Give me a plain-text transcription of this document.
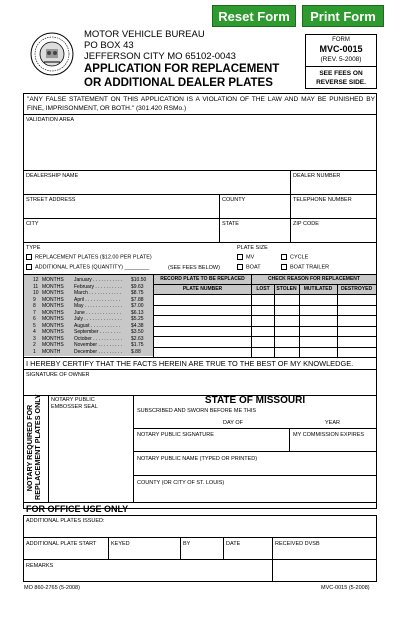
Reset Form	Print Form
MOTOR VEHICLE BUREAU
PO BOX 43
JEFFERSON CITY MO 65102-0043
APPLICATION FOR REPLACEMENT
OR ADDITIONAL DEALER PLATES
FORM
MVC-0015
(REV. 5-2008)
SEE FEES ON
REVERSE SIDE.
"ANY FALSE STATEMENT ON THIS APPLICATION IS A VIOLATION OF THE LAW AND MAY BE PUNISHED BY FINE, IMPRISONMENT, OR BOTH." (301.420 RSMo.)
VALIDATION AREA
DEALERSHIP NAME	DEALER NUMBER
STREET ADDRESS	COUNTY	TELEPHONE NUMBER
CITY	STATE	ZIP CODE
TYPE
REPLACEMENT PLATES ($12.00 PER PLATE)
ADDITIONAL PLATES (QUANTITY) ________	(SEE FEES BELOW)
PLATE SIZE
MV	CYCLE
BOAT	BOAT TRAILER
12 MONTHS January . . . . . . . . . . . $10.50
11 MONTHS February . . . . . . . . . . $9.63
10 MONTHS March . . . . . . . . . . . . $8.75
9 MONTHS April . . . . . . . . . . . . . $7.88
8 MONTHS May . . . . . . . . . . . . . . $7.00
7 MONTHS June . . . . . . . . . . . . . $6.13
6 MONTHS July . . . . . . . . . . . . . . $5.25
5 MONTHS August . . . . . . . . . . . $4.38
4 MONTHS September . . . . . . . . $3.50
3 MONTHS October . . . . . . . . . . . $2.63
2 MONTHS November . . . . . . . . . $1.75
1 MONTH	December . . . . . . . . . $.88
RECORD PLATE TO BE REPLACED	CHECK REASON FOR REPLACEMENT
PLATE NUMBER	LOST	STOLEN	MUTILATED	DESTROYED
I HEREBY CERTIFY THAT THE FACTS HEREIN ARE TRUE TO THE BEST OF MY KNOWLEDGE.
SIGNATURE OF OWNER
NOTARY REQUIRED FOR REPLACEMENT PLATES ONLY NOTARY PUBLIC
EMBOSSER SEAL
STATE OF MISSOURI
SUBSCRIBED AND SWORN BEFORE ME THIS
DAY OF	YEAR
NOTARY PUBLIC SIGNATURE	MY COMMISSION EXPIRES
NOTARY PUBLIC NAME (TYPED OR PRINTED)
COUNTY (OR CITY OF ST. LOUIS)
FOR OFFICE USE ONLY
ADDITIONAL PLATES ISSUED:
ADDITIONAL PLATE START	KEYED	BY	DATE	RECEIVED DVSB
REMARKS
MO 860-2765 (5-2008)	MVC-0015 (5-2008)
